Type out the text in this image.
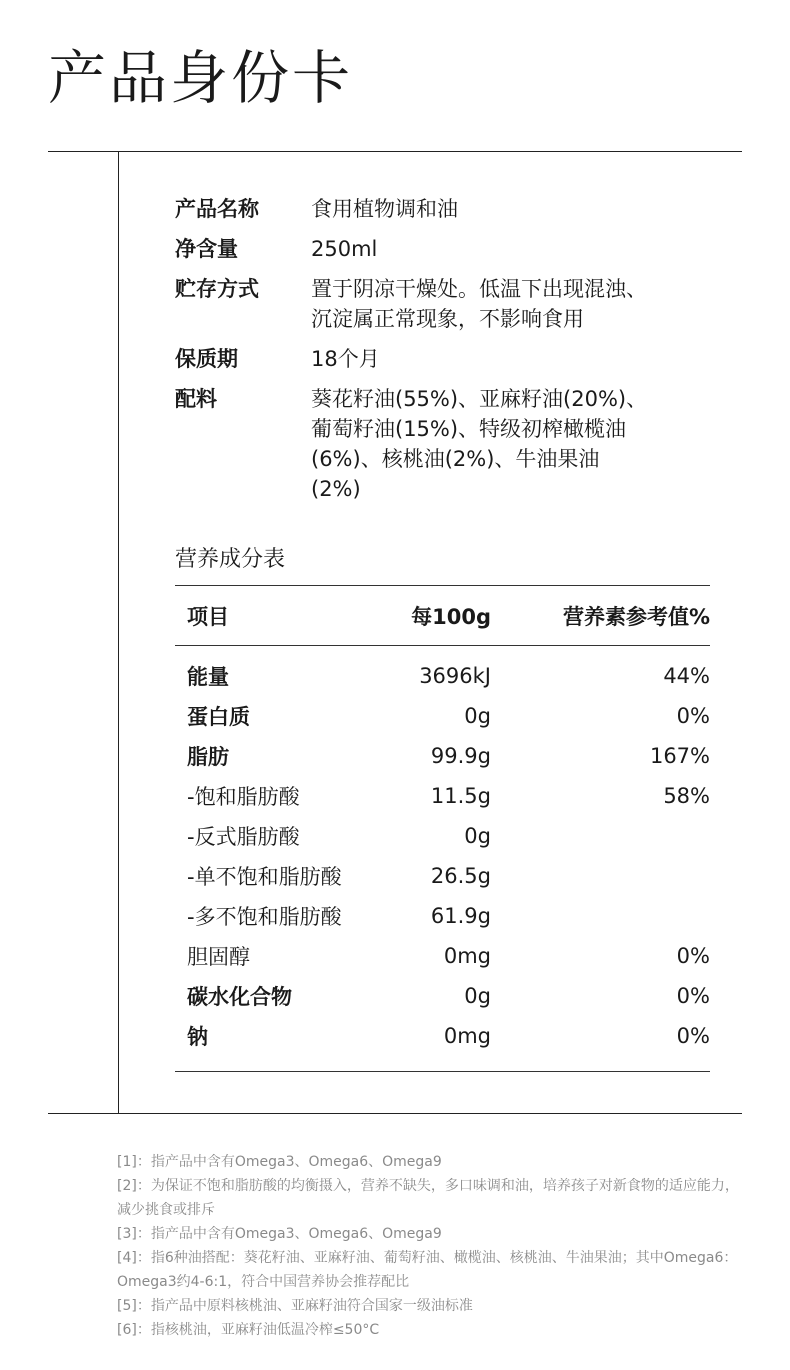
产品身份卡
产品名称	食用植物调和油
净含量	250ml
贮存方式	置于阴凉干燥处。低温下出现混浊、
沉淀属正常现象，不影响食用
保质期	18个月
配料	葵花籽油(55%)、亚麻籽油(20%)、
葡萄籽油(15%)、特级初榨橄榄油
(6%)、核桃油(2%)、牛油果油
(2%)
营养成分表
项目	每100g	营养素参考值%
能量	3696kJ	44%
蛋白质	0g	0%
脂肪	99.9g	167%
-饱和脂肪酸	11.5g	58%
-反式脂肪酸	0g
-单不饱和脂肪酸	26.5g
-多不饱和脂肪酸	61.9g
胆固醇	0mg	0%
碳水化合物	0g	0%
钠	0mg	0%

[1]：指产品中含有Omega3、Omega6、Omega9

[2]：为保证不饱和脂肪酸的均衡摄入，营养不缺失，多口味调和油，培养孩子对新食物的适应能力，减少挑食或排斥

[3]：指产品中含有Omega3、Omega6、Omega9

[4]：指6种油搭配：葵花籽油、亚麻籽油、葡萄籽油、橄榄油、核桃油、牛油果油；其中Omega6：Omega3约4-6:1，符合中国营养协会推荐配比

[5]：指产品中原料核桃油、亚麻籽油符合国家一级油标准

[6]：指核桃油，亚麻籽油低温冷榨≤50°C
